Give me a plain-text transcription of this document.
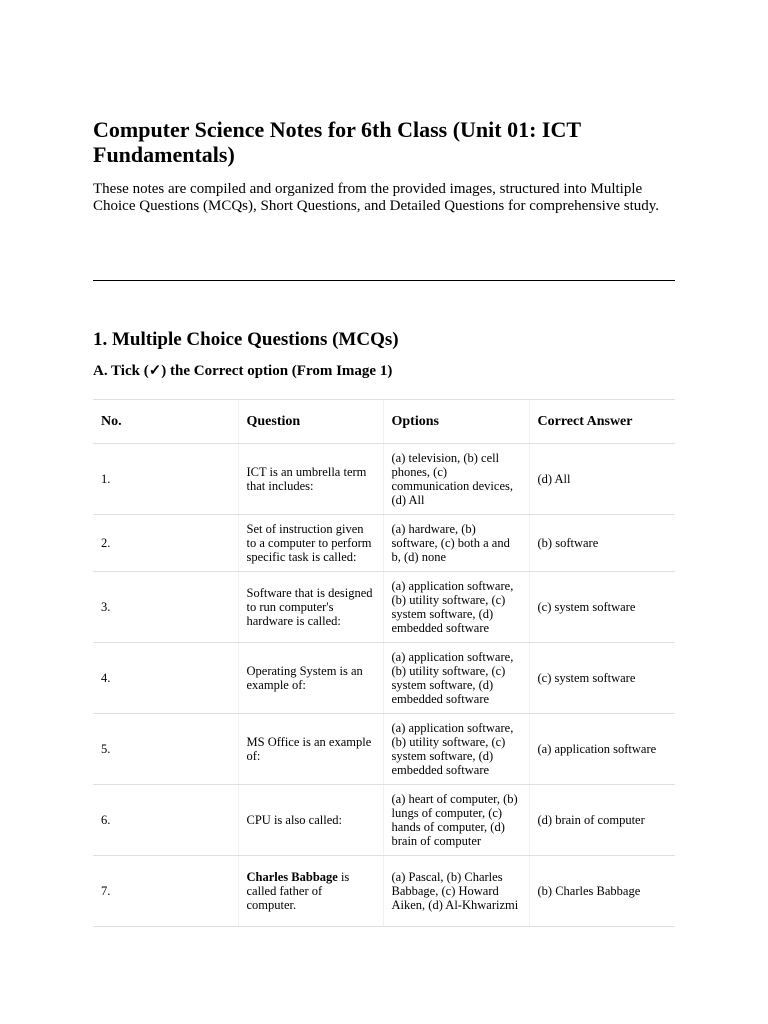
Computer Science Notes for 6th Class (Unit 01: ICT Fundamentals)

These notes are compiled and organized from the provided images, structured into Multiple Choice Questions (MCQs), Short Questions, and Detailed Questions for comprehensive study.

1. Multiple Choice Questions (MCQs)
A. Tick (✓) the Correct option (From Image 1)
No.	Question	Options	Correct Answer
1.	ICT is an umbrella term that includes:	(a) television, (b) cell phones, (c) communication devices, (d) All	(d) All
2.	Set of instruction given to a computer to perform specific task is called:	(a) hardware, (b) software, (c) both a and b, (d) none	(b) software
3.	Software that is designed to run computer's hardware is called:	(a) application software, (b) utility software, (c) system software, (d) embedded software	(c) system software
4.	Operating System is an example of:	(a) application software, (b) utility software, (c) system software, (d) embedded software	(c) system software
5.	MS Office is an example of:	(a) application software, (b) utility software, (c) system software, (d) embedded software	(a) application software
6.	CPU is also called:	(a) heart of computer, (b) lungs of computer, (c) hands of computer, (d) brain of computer	(d) brain of computer
7.	Charles Babbage is called father of computer.	(a) Pascal, (b) Charles Babbage, (c) Howard Aiken, (d) Al-Khwarizmi	(b) Charles Babbage
